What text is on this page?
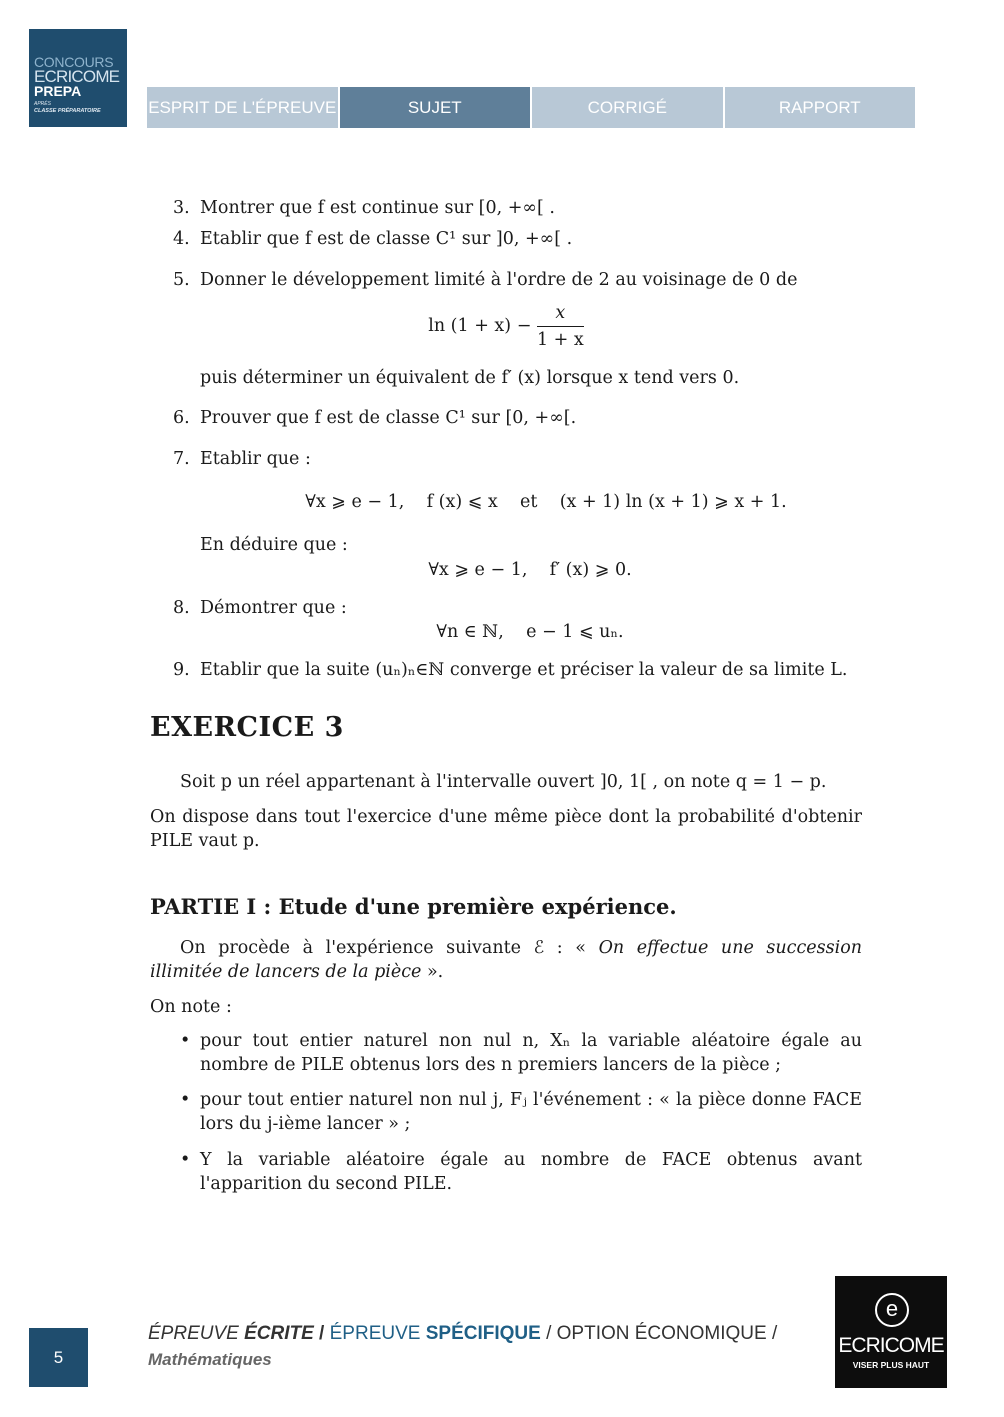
CONCOURS
ECRICOME
PREPA
APRÈS
CLASSE PRÉPARATOIRE	ESPRIT DE L'ÉPREUVE	SUJET	CORRIGÉ	RAPPORT
3. Montrer que f est continue sur [0, +∞[ .
4. Etablir que f est de classe C¹ sur ]0, +∞[ .
5. Donner le développement limité à l'ordre de 2 au voisinage de 0 de
$\ln (1 + x) - \frac{x}{1 + x}$
puis déterminer un équivalent de f′ (x) lorsque x tend vers 0.
6. Prouver que f est de classe C¹ sur [0, +∞[.
7. Etablir que :
∀x ⩾ e − 1,    f (x) ⩽ x    et    (x + 1) ln (x + 1) ⩾ x + 1.
En déduire que :
∀x ⩾ e − 1,    f′ (x) ⩾ 0.
8. Démontrer que :
∀n ∈ ℕ,    e − 1 ⩽ uₙ.
9. Etablir que la suite (uₙ)ₙ∈ℕ converge et préciser la valeur de sa limite L.
EXERCICE 3
Soit p un réel appartenant à l'intervalle ouvert ]0, 1[ , on note q = 1 − p.
On dispose dans tout l'exercice d'une même pièce dont la probabilité d'obtenir PILE vaut p.
PARTIE I : Etude d'une première expérience.
On procède à l'expérience suivante ℰ : « On effectue une succession illimitée de lancers de la pièce ».
On note :
• pour tout entier naturel non nul n, Xₙ la variable aléatoire égale au nombre de PILE obtenus lors des n premiers lancers de la pièce ;
• pour tout entier naturel non nul j, Fⱼ l'événement : « la pièce donne FACE lors du j-ième lancer » ;
• Y la variable aléatoire égale au nombre de FACE obtenus avant l'apparition du second PILE.
5
ÉPREUVE ÉCRITE / ÉPREUVE SPÉCIFIQUE / OPTION ÉCONOMIQUE /
Mathématiques
e
ECRICOME
VISER PLUS HAUT
